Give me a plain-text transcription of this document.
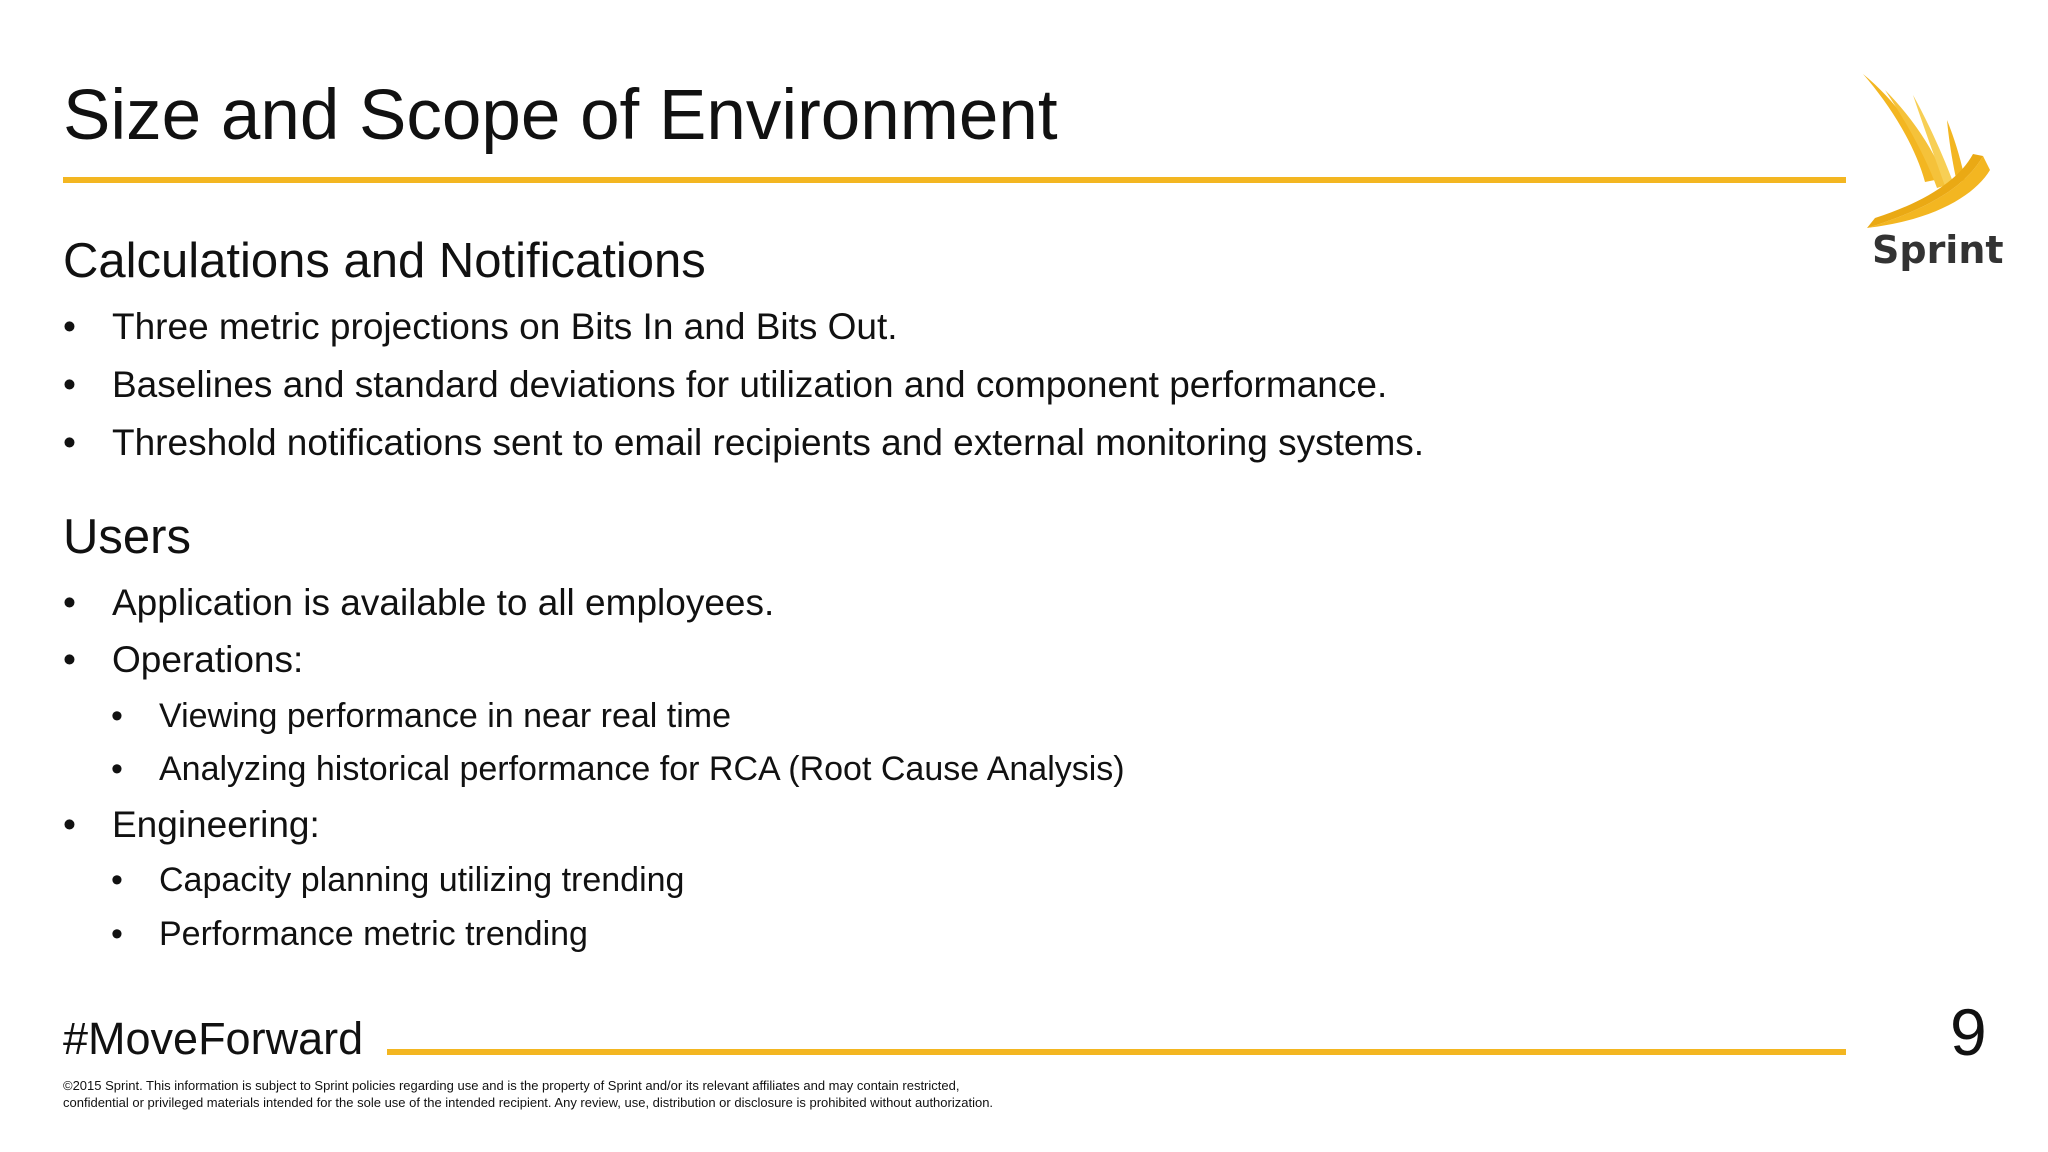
Size and Scope of Environment
Sprint
Calculations and Notifications
• Three metric projections on Bits In and Bits Out.
• Baselines and standard deviations for utilization and component performance.
• Threshold notifications sent to email recipients and external monitoring systems.
Users
• Application is available to all employees.
• Operations:
• Viewing performance in near real time
• Analyzing historical performance for RCA (Root Cause Analysis)
• Engineering:
• Capacity planning utilizing trending
• Performance metric trending
#MoveForward	9
©2015 Sprint. This information is subject to Sprint policies regarding use and is the property of Sprint and/or its relevant affiliates and may contain restricted,
confidential or privileged materials intended for the sole use of the intended recipient. Any review, use, distribution or disclosure is prohibited without authorization.
